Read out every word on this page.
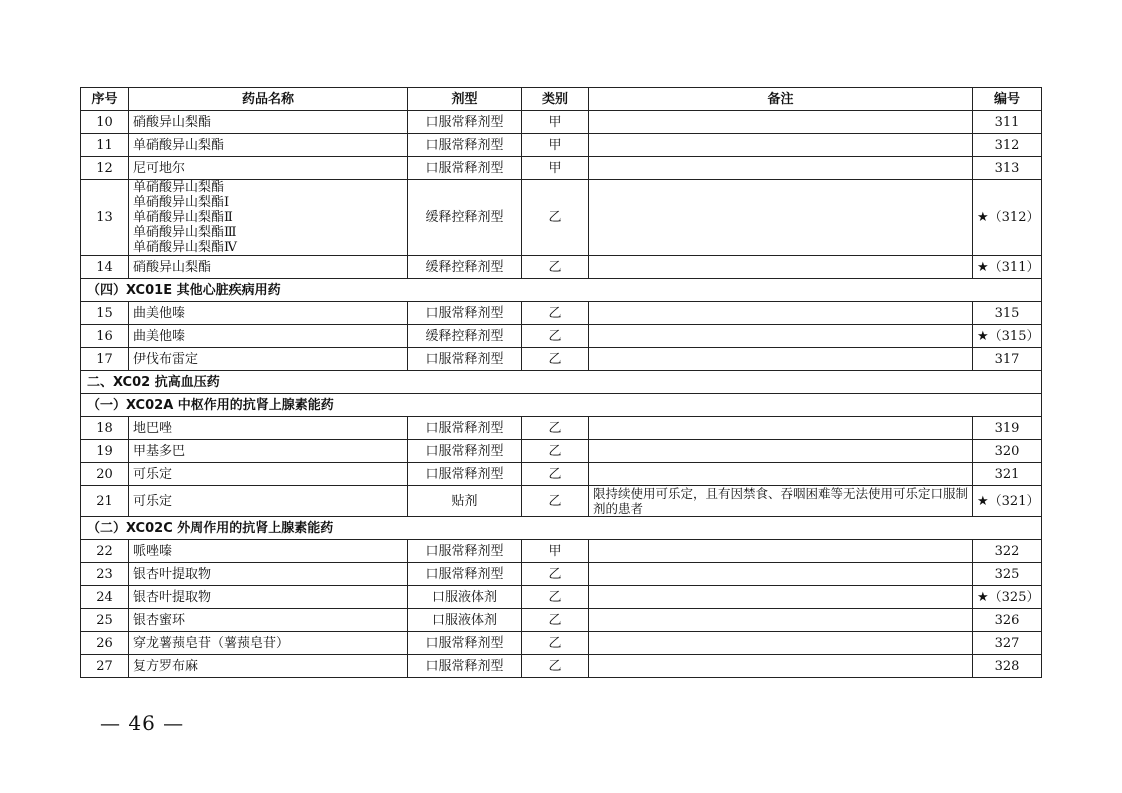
序号	药品名称	剂型	类别	备注	编号
10	硝酸异山梨酯	口服常释剂型	甲		311
11	单硝酸异山梨酯	口服常释剂型	甲		312
12	尼可地尔	口服常释剂型	甲		313
13	单硝酸异山梨酯
单硝酸异山梨酯Ⅰ
单硝酸异山梨酯Ⅱ
单硝酸异山梨酯Ⅲ
单硝酸异山梨酯Ⅳ	缓释控释剂型	乙		★（312）
14	硝酸异山梨酯	缓释控释剂型	乙		★（311）
（四）XC01E 其他心脏疾病用药					
15	曲美他嗪	口服常释剂型	乙		315
16	曲美他嗪	缓释控释剂型	乙		★（315）
17	伊伐布雷定	口服常释剂型	乙		317
二、XC02 抗高血压药					
（一）XC02A 中枢作用的抗肾上腺素能药					
18	地巴唑	口服常释剂型	乙		319
19	甲基多巴	口服常释剂型	乙		320
20	可乐定	口服常释剂型	乙		321
21	可乐定	贴剂	乙	限持续使用可乐定，且有因禁食、吞咽困难等无法使用可乐定口服制剂的患者	★（321）
（二）XC02C 外周作用的抗肾上腺素能药					
22	哌唑嗪	口服常释剂型	甲		322
23	银杏叶提取物	口服常释剂型	乙		325
24	银杏叶提取物	口服液体剂	乙		★（325）
25	银杏蜜环	口服液体剂	乙		326
26	穿龙薯蓣皂苷（薯蓣皂苷）	口服常释剂型	乙		327
27	复方罗布麻	口服常释剂型	乙		328
— 46 —
